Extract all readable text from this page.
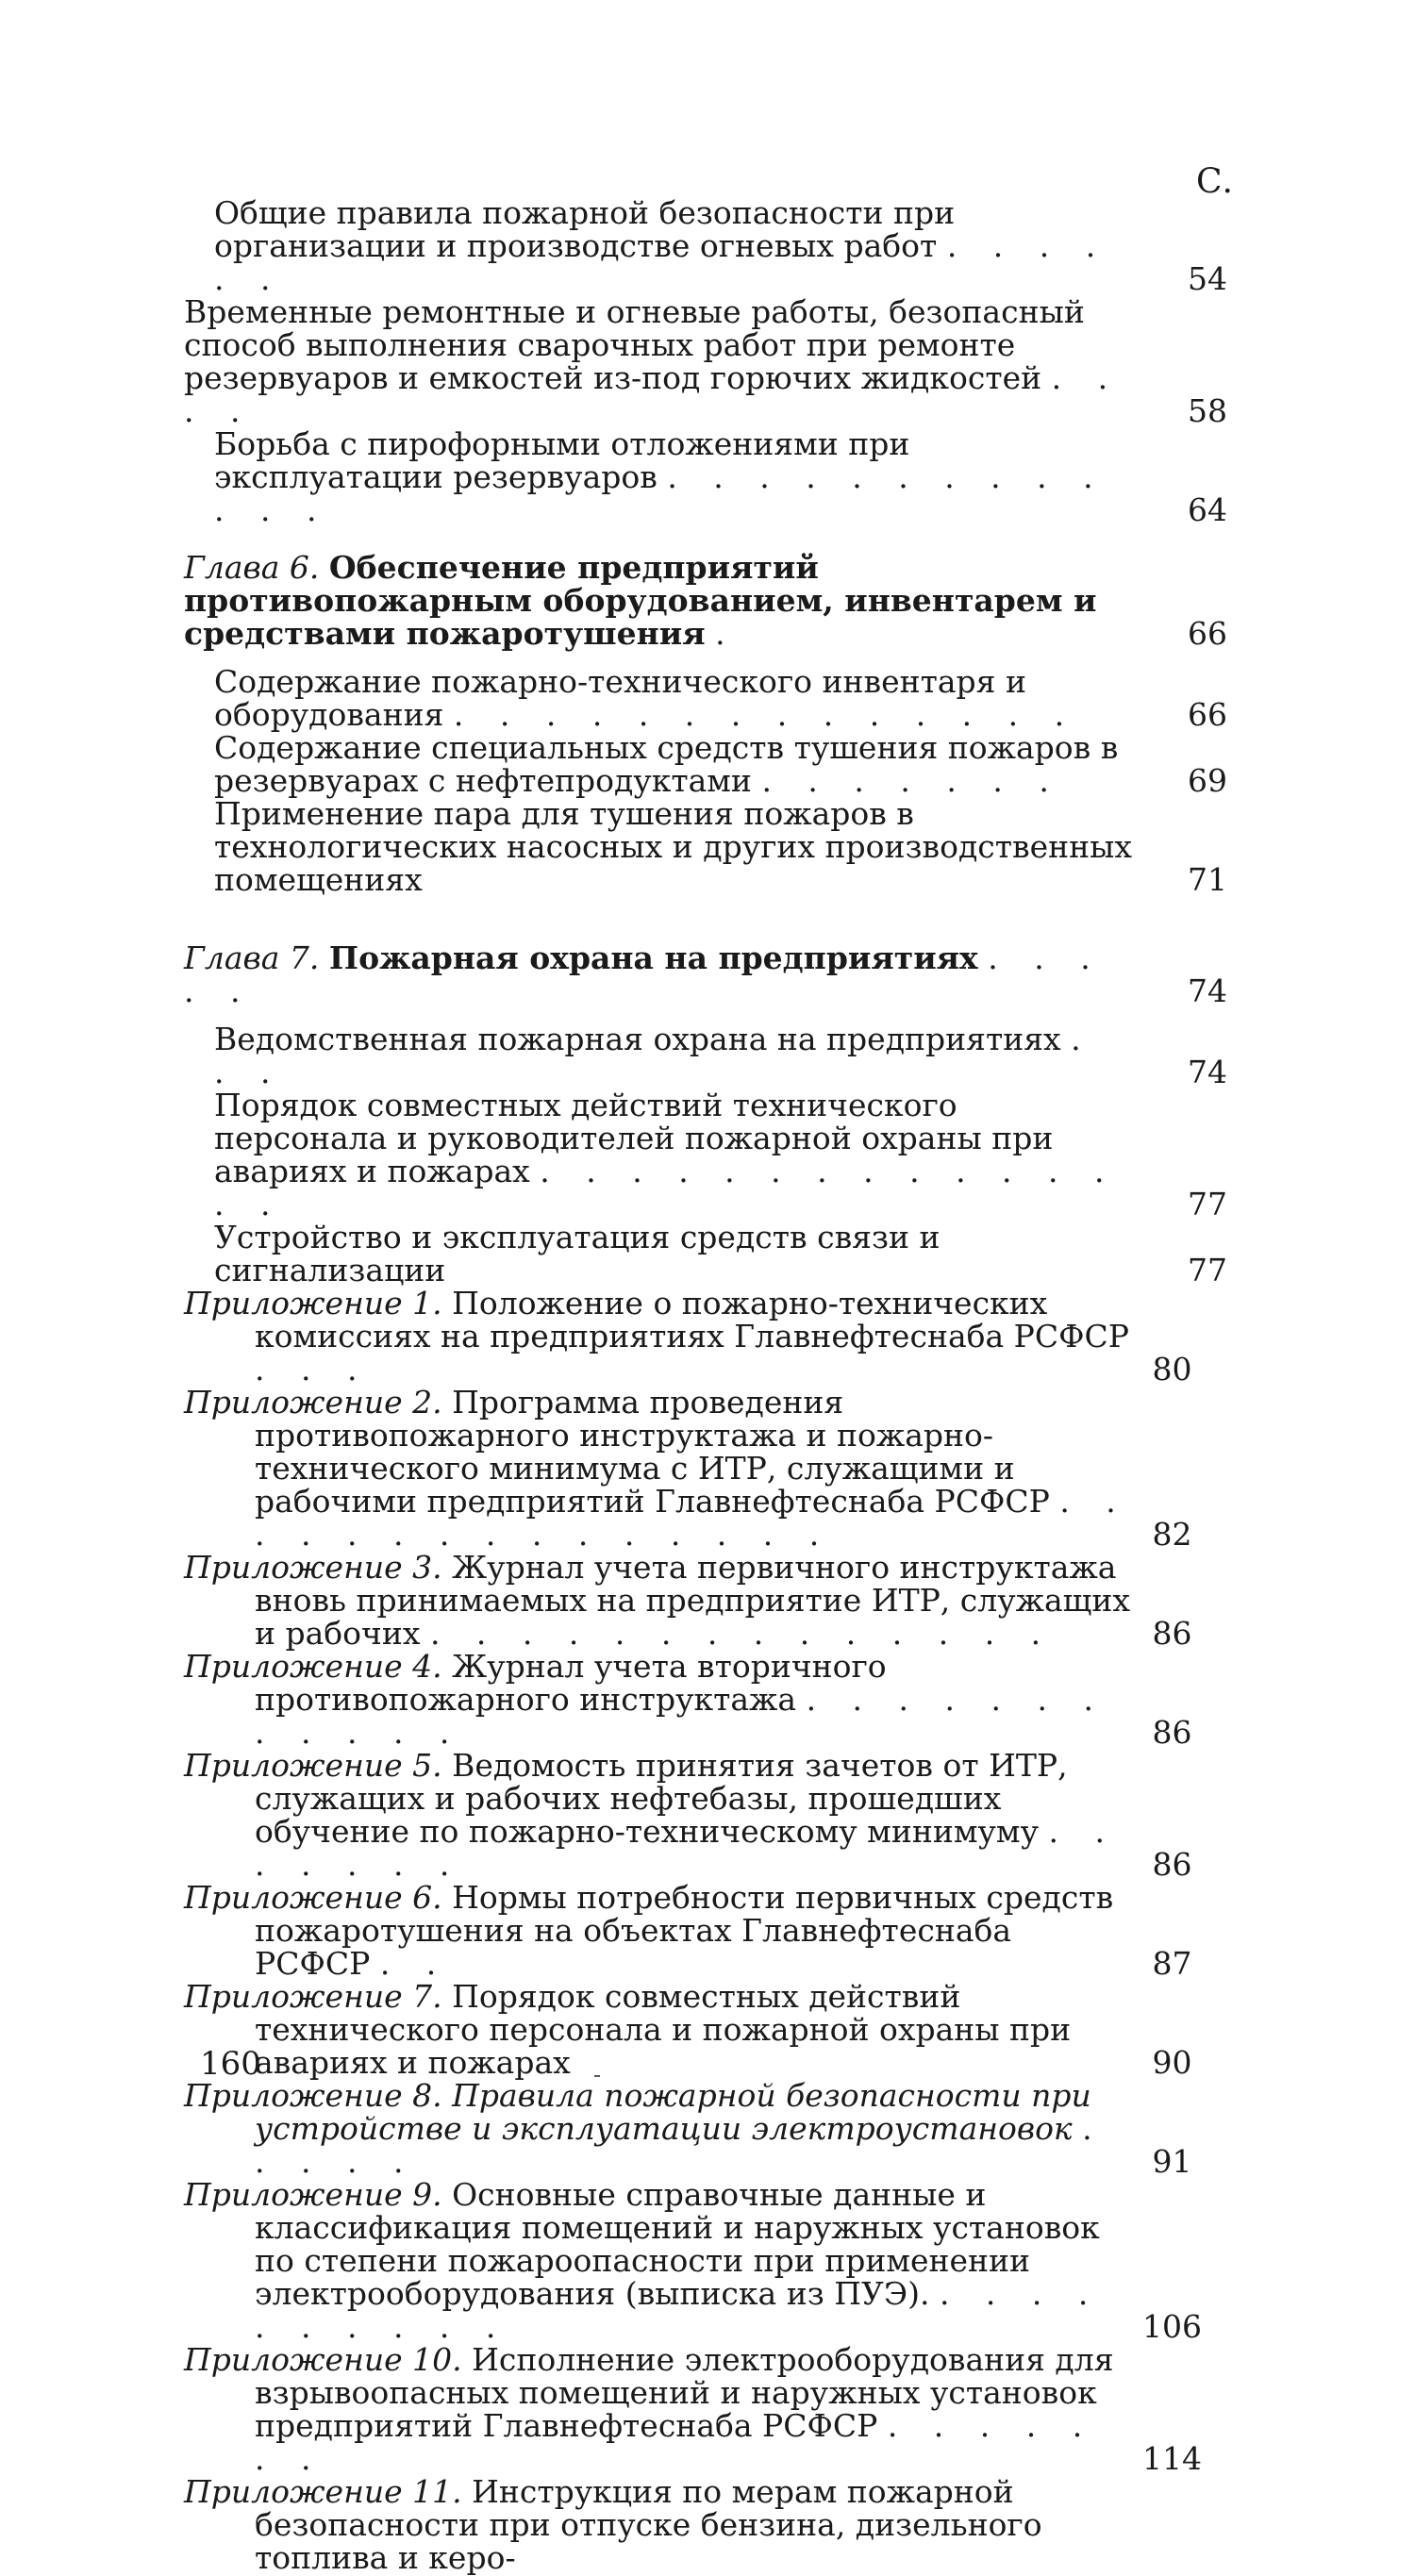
С.
Общие правила пожарной безопасности при организации и производстве огневых работ . . . . . .	54
Временные ремонтные и огневые работы, безопасный способ выполнения сварочных работ при ремонте резервуаров и емкостей из-под горючих жидкостей . . . .	58
Борьба с пирофорными отложениями при эксплуатации резервуаров . . . . . . . . . . . . .	64
Глава 6. Обеспечение предприятий противопожарным оборудованием, инвентарем и средствами пожаротушения .	66
Содержание пожарно-технического инвентаря и оборудования . . . . . . . . . . . . . .	66
Содержание специальных средств тушения пожаров в резервуарах с нефтепродуктами . . . . . . .	69
Применение пара для тушения пожаров в технологических насосных и других производственных помещениях	71
Глава 7. Пожарная охрана на предприятиях . . . . .	74
Ведомственная пожарная охрана на предприятиях . . .	74
Порядок совместных действий технического персонала и руководителей пожарной охраны при авариях и пожарах . . . . . . . . . . . . . . .	77
Устройство и эксплуатация средств связи и сигнализации	77
Приложение 1. Положение о пожарно-технических комиссиях на предприятиях Главнефтеснаба РСФСР . . .	80
Приложение 2. Программа проведения противопожарного инструктажа и пожарно-технического минимума с ИТР, служащими и рабочими предприятий Главнефтеснаба РСФСР . . . . . . . . . . . . . . .	82
Приложение 3. Журнал учета первичного инструктажа вновь принимаемых на предприятие ИТР, служащих и рабочих . . . . . . . . . . . . . .	86
Приложение 4. Журнал учета вторичного противопожарного инструктажа . . . . . . . . . . . .	86
Приложение 5. Ведомость принятия зачетов от ИТР, служащих и рабочих нефтебазы, прошедших обучение по пожарно-техническому минимуму . . . . . . .	86
Приложение 6. Нормы потребности первичных средств пожаротушения на объектах Главнефтеснаба РСФСР . .	87
Приложение 7. Порядок совместных действий технического персонала и пожарной охраны при авариях и пожарах	90
Приложение 8. Правила пожарной безопасности при устройстве и эксплуатации электроустановок . . . . .	91
Приложение 9. Основные справочные данные и классификация помещений и наружных установок по степени пожароопасности при применении электрооборудования (выписка из ПУЭ). . . . . . . . . . .	106
Приложение 10. Исполнение электрооборудования для взрывоопасных помещений и наружных установок предприятий Главнефтеснаба РСФСР . . . . . . .	114
Приложение 11. Инструкция по мерам пожарной безопасности при отпуске бензина, дизельного топлива и керо-
160
